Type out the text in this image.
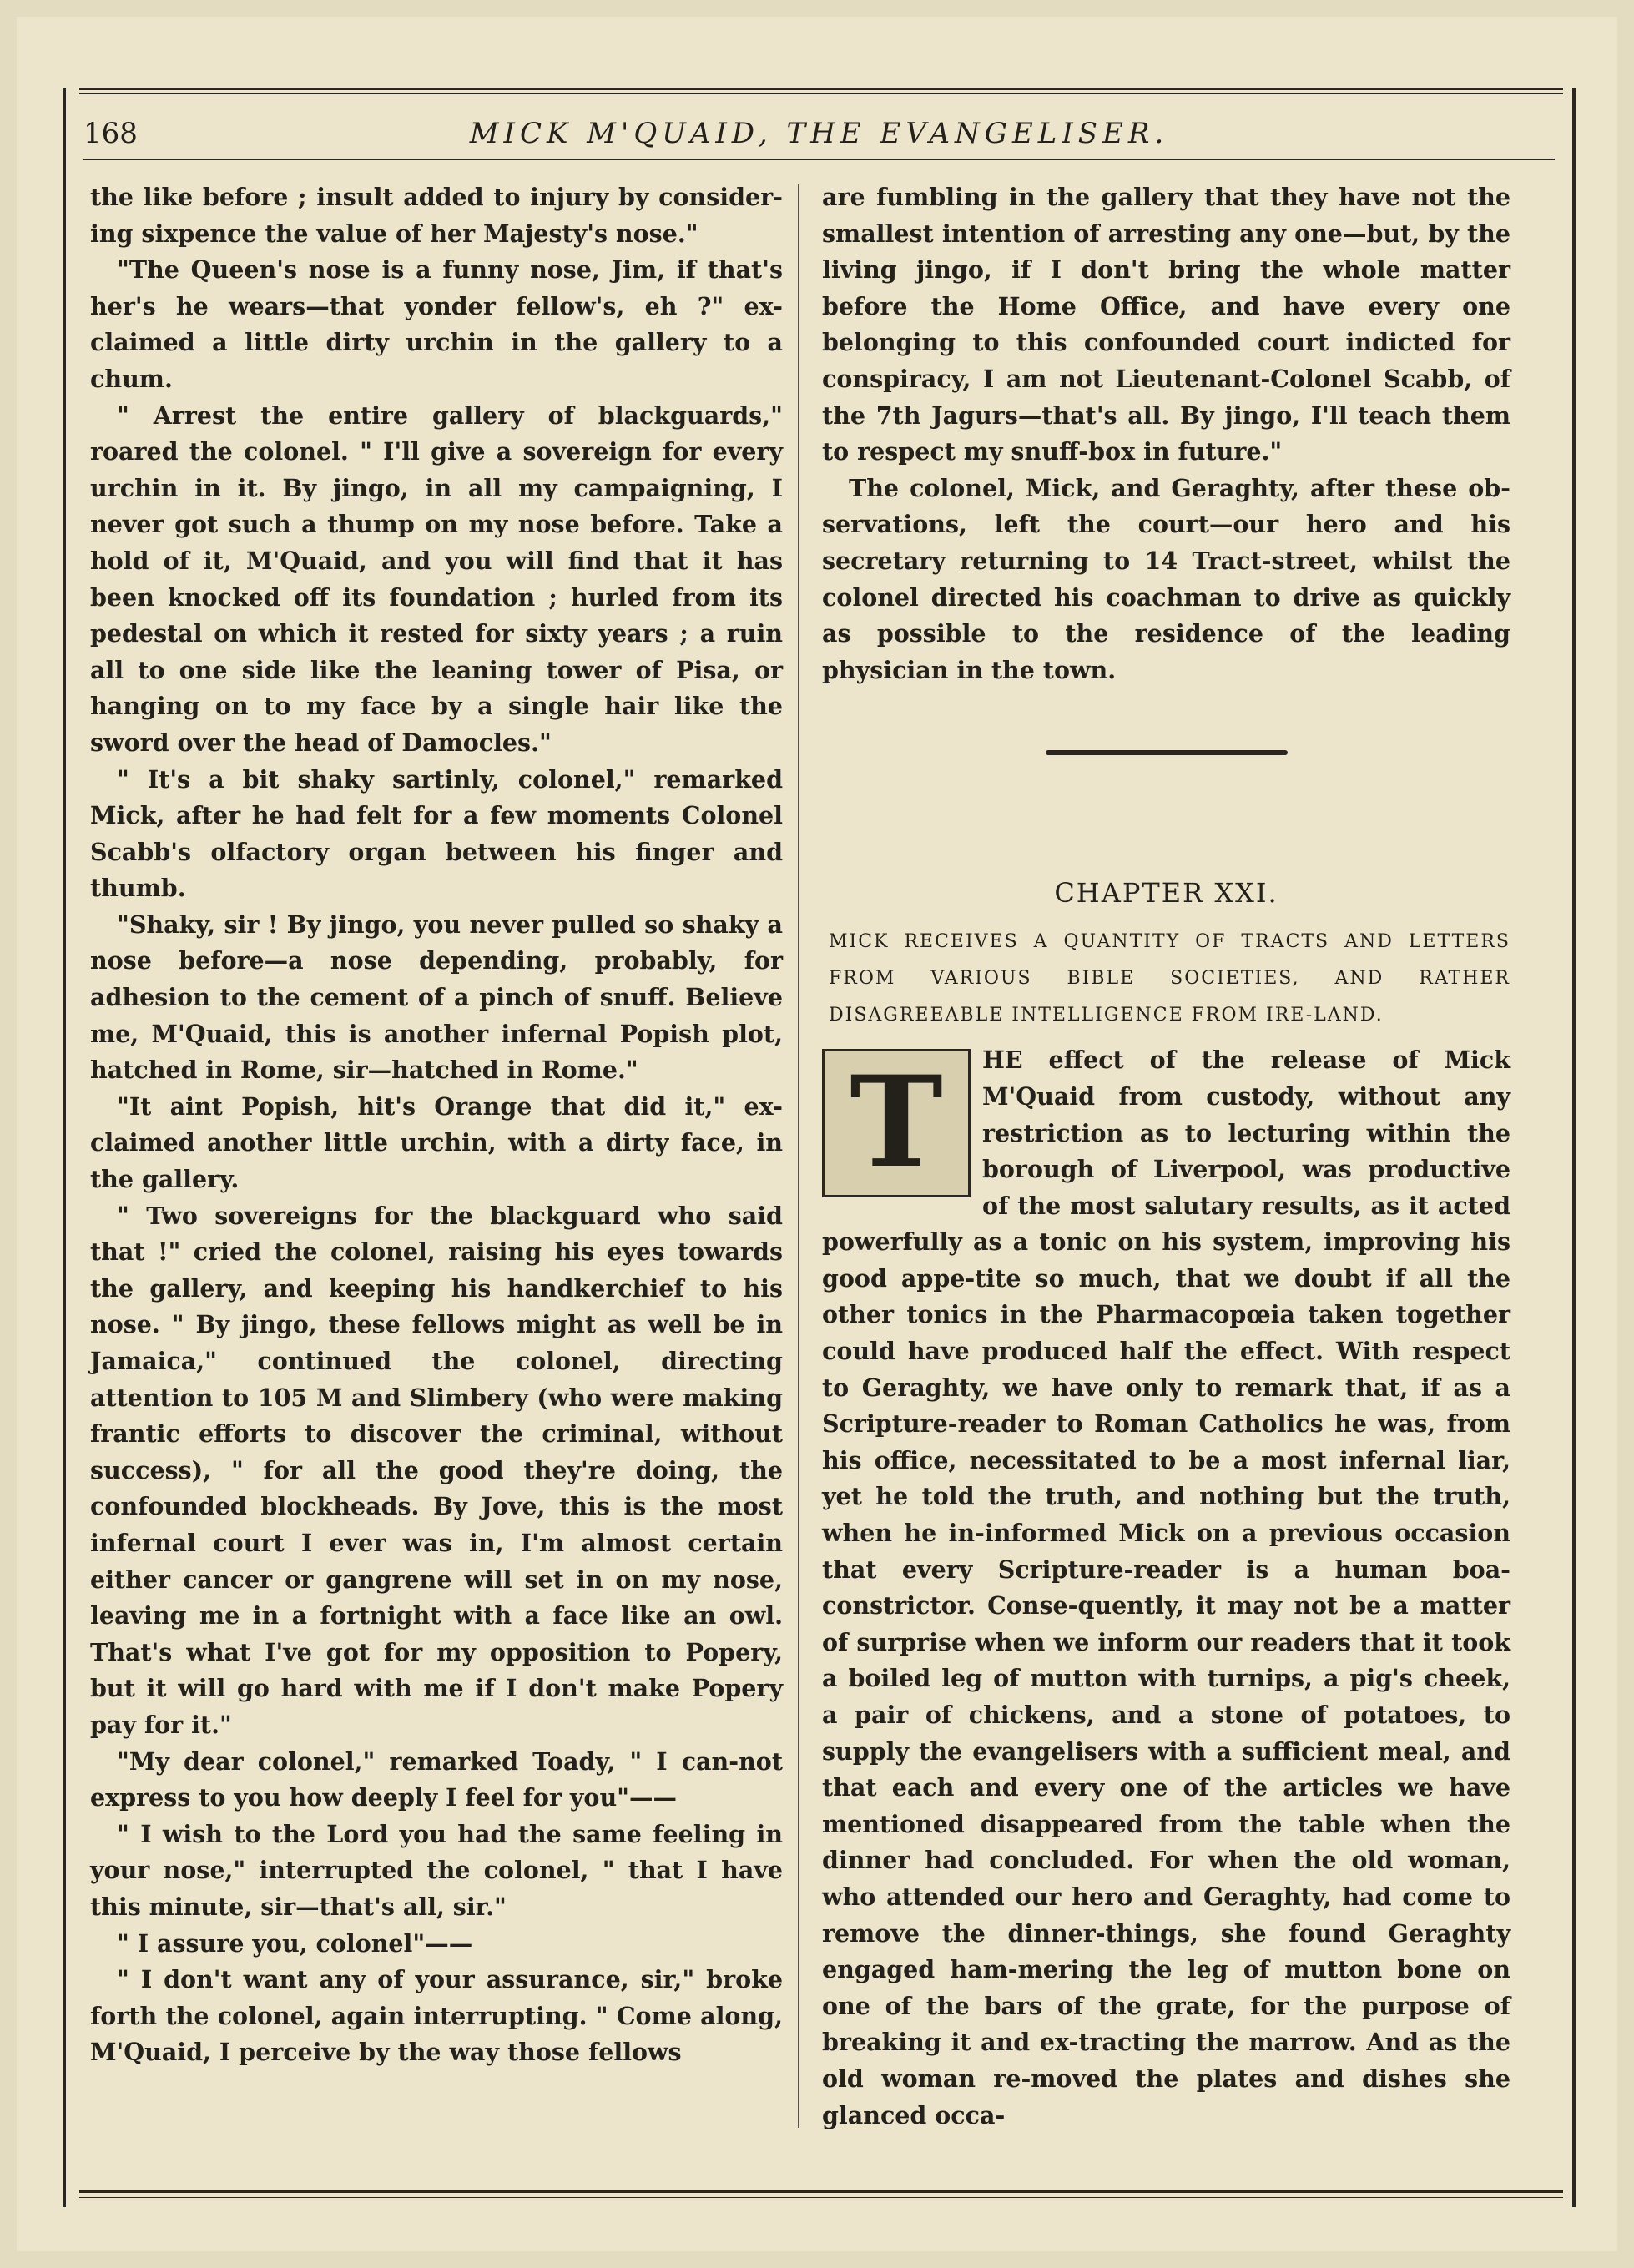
168	MICK M'QUAID, THE EVANGELISER.

the like before ; insult added to injury by consider-ing sixpence the value of her Majesty's nose."

"The Queen's nose is a funny nose, Jim, if that's her's he wears—that yonder fellow's, eh ?" ex-claimed a little dirty urchin in the gallery to a chum.

" Arrest the entire gallery of blackguards," roared the colonel. " I'll give a sovereign for every urchin in it. By jingo, in all my campaigning, I never got such a thump on my nose before. Take a hold of it, M'Quaid, and you will find that it has been knocked off its foundation ; hurled from its pedestal on which it rested for sixty years ; a ruin all to one side like the leaning tower of Pisa, or hanging on to my face by a single hair like the sword over the head of Damocles."

" It's a bit shaky sartinly, colonel," remarked Mick, after he had felt for a few moments Colonel Scabb's olfactory organ between his finger and thumb.

"Shaky, sir ! By jingo, you never pulled so shaky a nose before—a nose depending, probably, for adhesion to the cement of a pinch of snuff. Believe me, M'Quaid, this is another infernal Popish plot, hatched in Rome, sir—hatched in Rome."

"It aint Popish, hit's Orange that did it," ex-claimed another little urchin, with a dirty face, in the gallery.

" Two sovereigns for the blackguard who said that !" cried the colonel, raising his eyes towards the gallery, and keeping his handkerchief to his nose. " By jingo, these fellows might as well be in Jamaica," continued the colonel, directing attention to 105 M and Slimbery (who were making frantic efforts to discover the criminal, without success), " for all the good they're doing, the confounded blockheads. By Jove, this is the most infernal court I ever was in, I'm almost certain either cancer or gangrene will set in on my nose, leaving me in a fortnight with a face like an owl. That's what I've got for my opposition to Popery, but it will go hard with me if I don't make Popery pay for it."

"My dear colonel," remarked Toady, " I can-not express to you how deeply I feel for you"——

" I wish to the Lord you had the same feeling in your nose," interrupted the colonel, " that I have this minute, sir—that's all, sir."

" I assure you, colonel"——

" I don't want any of your assurance, sir," broke forth the colonel, again interrupting. " Come along, M'Quaid, I perceive by the way those fellows

are fumbling in the gallery that they have not the smallest intention of arresting any one—but, by the living jingo, if I don't bring the whole matter before the Home Office, and have every one belonging to this confounded court indicted for conspiracy, I am not Lieutenant-Colonel Scabb, of the 7th Jagurs—that's all. By jingo, I'll teach them to respect my snuff-box in future."

The colonel, Mick, and Geraghty, after these ob-servations, left the court—our hero and his secretary returning to 14 Tract-street, whilst the colonel directed his coachman to drive as quickly as possible to the residence of the leading physician in the town.

CHAPTER XXI.
MICK RECEIVES A QUANTITY OF TRACTS AND LETTERS FROM VARIOUS BIBLE SOCIETIES, AND RATHER DISAGREEABLE INTELLIGENCE FROM IRE-LAND.
T	HE effect of the release of Mick M'Quaid from custody, without any restriction as to lecturing within the borough of Liverpool, was productive of the most salutary results, as it acted powerfully as a tonic on his system, improving his good appe-tite so much, that we doubt if all the other tonics in the Pharmacopœia taken together could have produced half the effect. With respect to Geraghty, we have only to remark that, if as a Scripture-reader to Roman Catholics he was, from his office, necessitated to be a most infernal liar, yet he told the truth, and nothing but the truth, when he in-informed Mick on a previous occasion that every Scripture-reader is a human boa-constrictor. Conse-quently, it may not be a matter of surprise when we inform our readers that it took a boiled leg of mutton with turnips, a pig's cheek, a pair of chickens, and a stone of potatoes, to supply the evangelisers with a sufficient meal, and that each and every one of the articles we have mentioned disappeared from the table when the dinner had concluded. For when the old woman, who attended our hero and Geraghty, had come to remove the dinner-things, she found Geraghty engaged ham-mering the leg of mutton bone on one of the bars of the grate, for the purpose of breaking it and ex-tracting the marrow. And as the old woman re-moved the plates and dishes she glanced occa-
